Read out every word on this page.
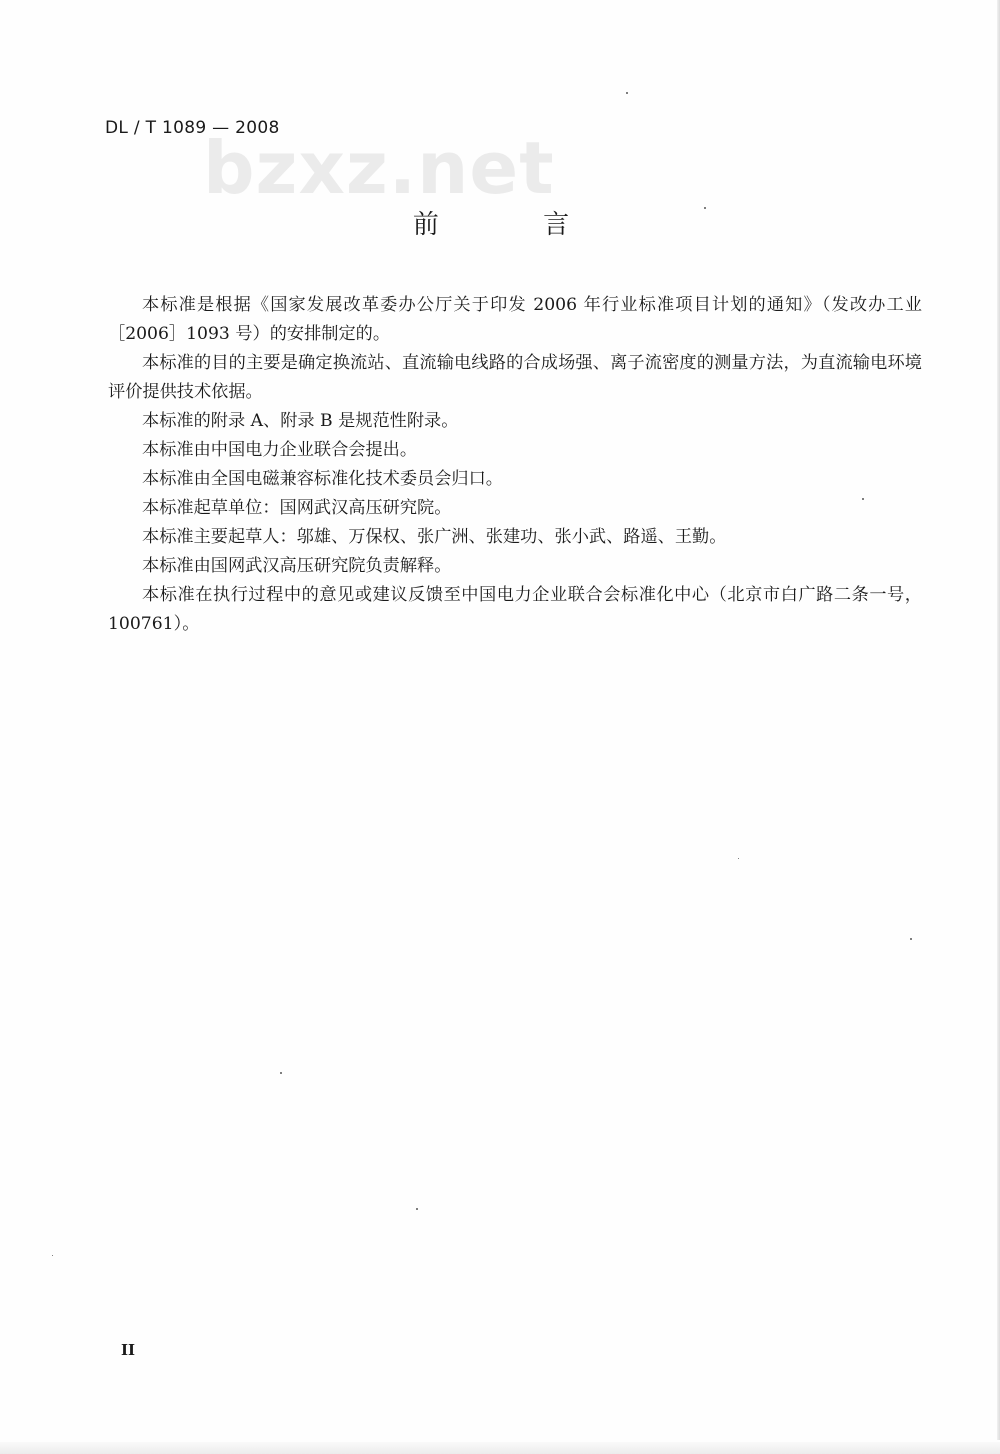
DL / T 1089 — 2008
bzxz.net
前 言

本标准是根据《国家发展改革委办公厅关于印发 2006 年行业标准项目计划的通知》（发改办工业［2006］1093 号）的安排制定的。

本标准的目的主要是确定换流站、直流输电线路的合成场强、离子流密度的测量方法，为直流输电环境评价提供技术依据。

本标准的附录 A、附录 B 是规范性附录。

本标准由中国电力企业联合会提出。

本标准由全国电磁兼容标准化技术委员会归口。

本标准起草单位：国网武汉高压研究院。

本标准主要起草人：邬雄、万保权、张广洲、张建功、张小武、路遥、王勤。

本标准由国网武汉高压研究院负责解释。

本标准在执行过程中的意见或建议反馈至中国电力企业联合会标准化中心（北京市白广路二条一号，100761）。

II
